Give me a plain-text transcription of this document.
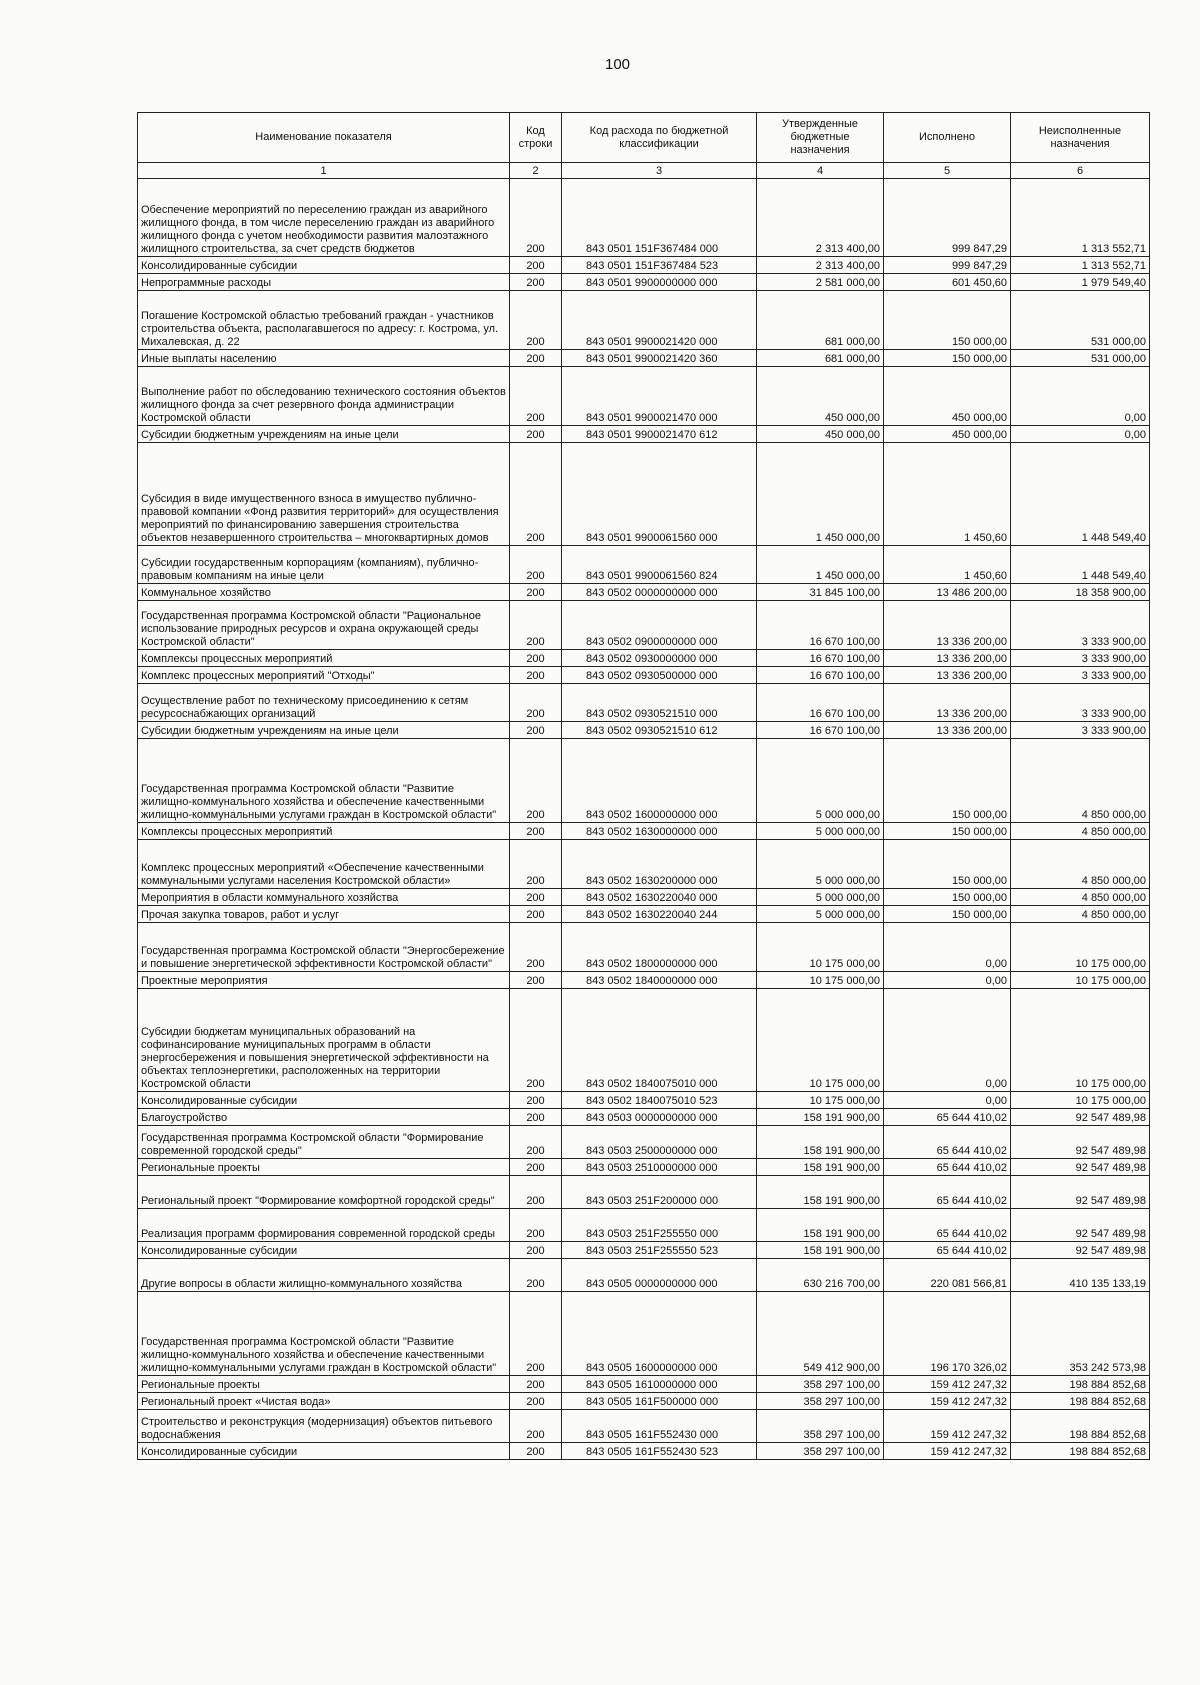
100
Наименование показателя	Код строки	Код расхода по бюджетной классификации	Утвержденные бюджетные назначения	Исполнено	Неисполненные назначения
1	2	3	4	5	6
Обеспечение мероприятий по переселению граждан из аварийного жилищного фонда, в том числе переселению граждан из аварийного жилищного фонда с учетом необходимости развития малоэтажного жилищного строительства, за счет средств бюджетов	200	843 0501 151F367484 000	2 313 400,00	999 847,29	1 313 552,71
Консолидированные субсидии	200	843 0501 151F367484 523	2 313 400,00	999 847,29	1 313 552,71
Непрограммные расходы	200	843 0501 9900000000 000	2 581 000,00	601 450,60	1 979 549,40
Погашение Костромской областью требований граждан - участников строительства объекта, располагавшегося по адресу: г. Кострома, ул. Михалевская, д. 22	200	843 0501 9900021420 000	681 000,00	150 000,00	531 000,00
Иные выплаты населению	200	843 0501 9900021420 360	681 000,00	150 000,00	531 000,00
Выполнение работ по обследованию технического состояния объектов жилищного фонда за счет резервного фонда администрации Костромской области	200	843 0501 9900021470 000	450 000,00	450 000,00	0,00
Субсидии бюджетным учреждениям на иные цели	200	843 0501 9900021470 612	450 000,00	450 000,00	0,00
Субсидия в виде имущественного взноса в имущество публично-правовой компании «Фонд развития территорий» для осуществления мероприятий по финансированию завершения строительства объектов незавершенного строительства – многоквартирных домов	200	843 0501 9900061560 000	1 450 000,00	1 450,60	1 448 549,40
Субсидии государственным корпорациям (компаниям), публично-правовым компаниям на иные цели	200	843 0501 9900061560 824	1 450 000,00	1 450,60	1 448 549,40
Коммунальное хозяйство	200	843 0502 0000000000 000	31 845 100,00	13 486 200,00	18 358 900,00
Государственная программа Костромской области "Рациональное использование природных ресурсов и охрана окружающей среды Костромской области"	200	843 0502 0900000000 000	16 670 100,00	13 336 200,00	3 333 900,00
Комплексы процессных мероприятий	200	843 0502 0930000000 000	16 670 100,00	13 336 200,00	3 333 900,00
Комплекс процессных мероприятий "Отходы"	200	843 0502 0930500000 000	16 670 100,00	13 336 200,00	3 333 900,00
Осуществление работ по техническому присоединению к сетям ресурсоснабжающих организаций	200	843 0502 0930521510 000	16 670 100,00	13 336 200,00	3 333 900,00
Субсидии бюджетным учреждениям на иные цели	200	843 0502 0930521510 612	16 670 100,00	13 336 200,00	3 333 900,00
Государственная программа Костромской области "Развитие жилищно-коммунального хозяйства и обеспечение качественными жилищно-коммунальными услугами граждан в Костромской области"	200	843 0502 1600000000 000	5 000 000,00	150 000,00	4 850 000,00
Комплексы процессных мероприятий	200	843 0502 1630000000 000	5 000 000,00	150 000,00	4 850 000,00
Комплекс процессных мероприятий «Обеспечение качественными коммунальными услугами населения Костромской области»	200	843 0502 1630200000 000	5 000 000,00	150 000,00	4 850 000,00
Мероприятия в области коммунального хозяйства	200	843 0502 1630220040 000	5 000 000,00	150 000,00	4 850 000,00
Прочая закупка товаров, работ и услуг	200	843 0502 1630220040 244	5 000 000,00	150 000,00	4 850 000,00
Государственная программа Костромской области "Энергосбережение и повышение энергетической эффективности Костромской области"	200	843 0502 1800000000 000	10 175 000,00	0,00	10 175 000,00
Проектные мероприятия	200	843 0502 1840000000 000	10 175 000,00	0,00	10 175 000,00
Субсидии бюджетам муниципальных образований на софинансирование муниципальных программ в области энергосбережения и повышения энергетической эффективности на объектах теплоэнергетики, расположенных на территории Костромской области	200	843 0502 1840075010 000	10 175 000,00	0,00	10 175 000,00
Консолидированные субсидии	200	843 0502 1840075010 523	10 175 000,00	0,00	10 175 000,00
Благоустройство	200	843 0503 0000000000 000	158 191 900,00	65 644 410,02	92 547 489,98
Государственная программа Костромской области "Формирование современной городской среды"	200	843 0503 2500000000 000	158 191 900,00	65 644 410,02	92 547 489,98
Региональные проекты	200	843 0503 2510000000 000	158 191 900,00	65 644 410,02	92 547 489,98
Региональный проект "Формирование комфортной городской среды"	200	843 0503 251F200000 000	158 191 900,00	65 644 410,02	92 547 489,98
Реализация программ формирования современной городской среды	200	843 0503 251F255550 000	158 191 900,00	65 644 410,02	92 547 489,98
Консолидированные субсидии	200	843 0503 251F255550 523	158 191 900,00	65 644 410,02	92 547 489,98
Другие вопросы в области жилищно-коммунального хозяйства	200	843 0505 0000000000 000	630 216 700,00	220 081 566,81	410 135 133,19
Государственная программа Костромской области "Развитие жилищно-коммунального хозяйства и обеспечение качественными жилищно-коммунальными услугами граждан в Костромской области"	200	843 0505 1600000000 000	549 412 900,00	196 170 326,02	353 242 573,98
Региональные проекты	200	843 0505 1610000000 000	358 297 100,00	159 412 247,32	198 884 852,68
Региональный проект «Чистая вода»	200	843 0505 161F500000 000	358 297 100,00	159 412 247,32	198 884 852,68
Строительство и реконструкция (модернизация) объектов питьевого водоснабжения	200	843 0505 161F552430 000	358 297 100,00	159 412 247,32	198 884 852,68
Консолидированные субсидии	200	843 0505 161F552430 523	358 297 100,00	159 412 247,32	198 884 852,68
